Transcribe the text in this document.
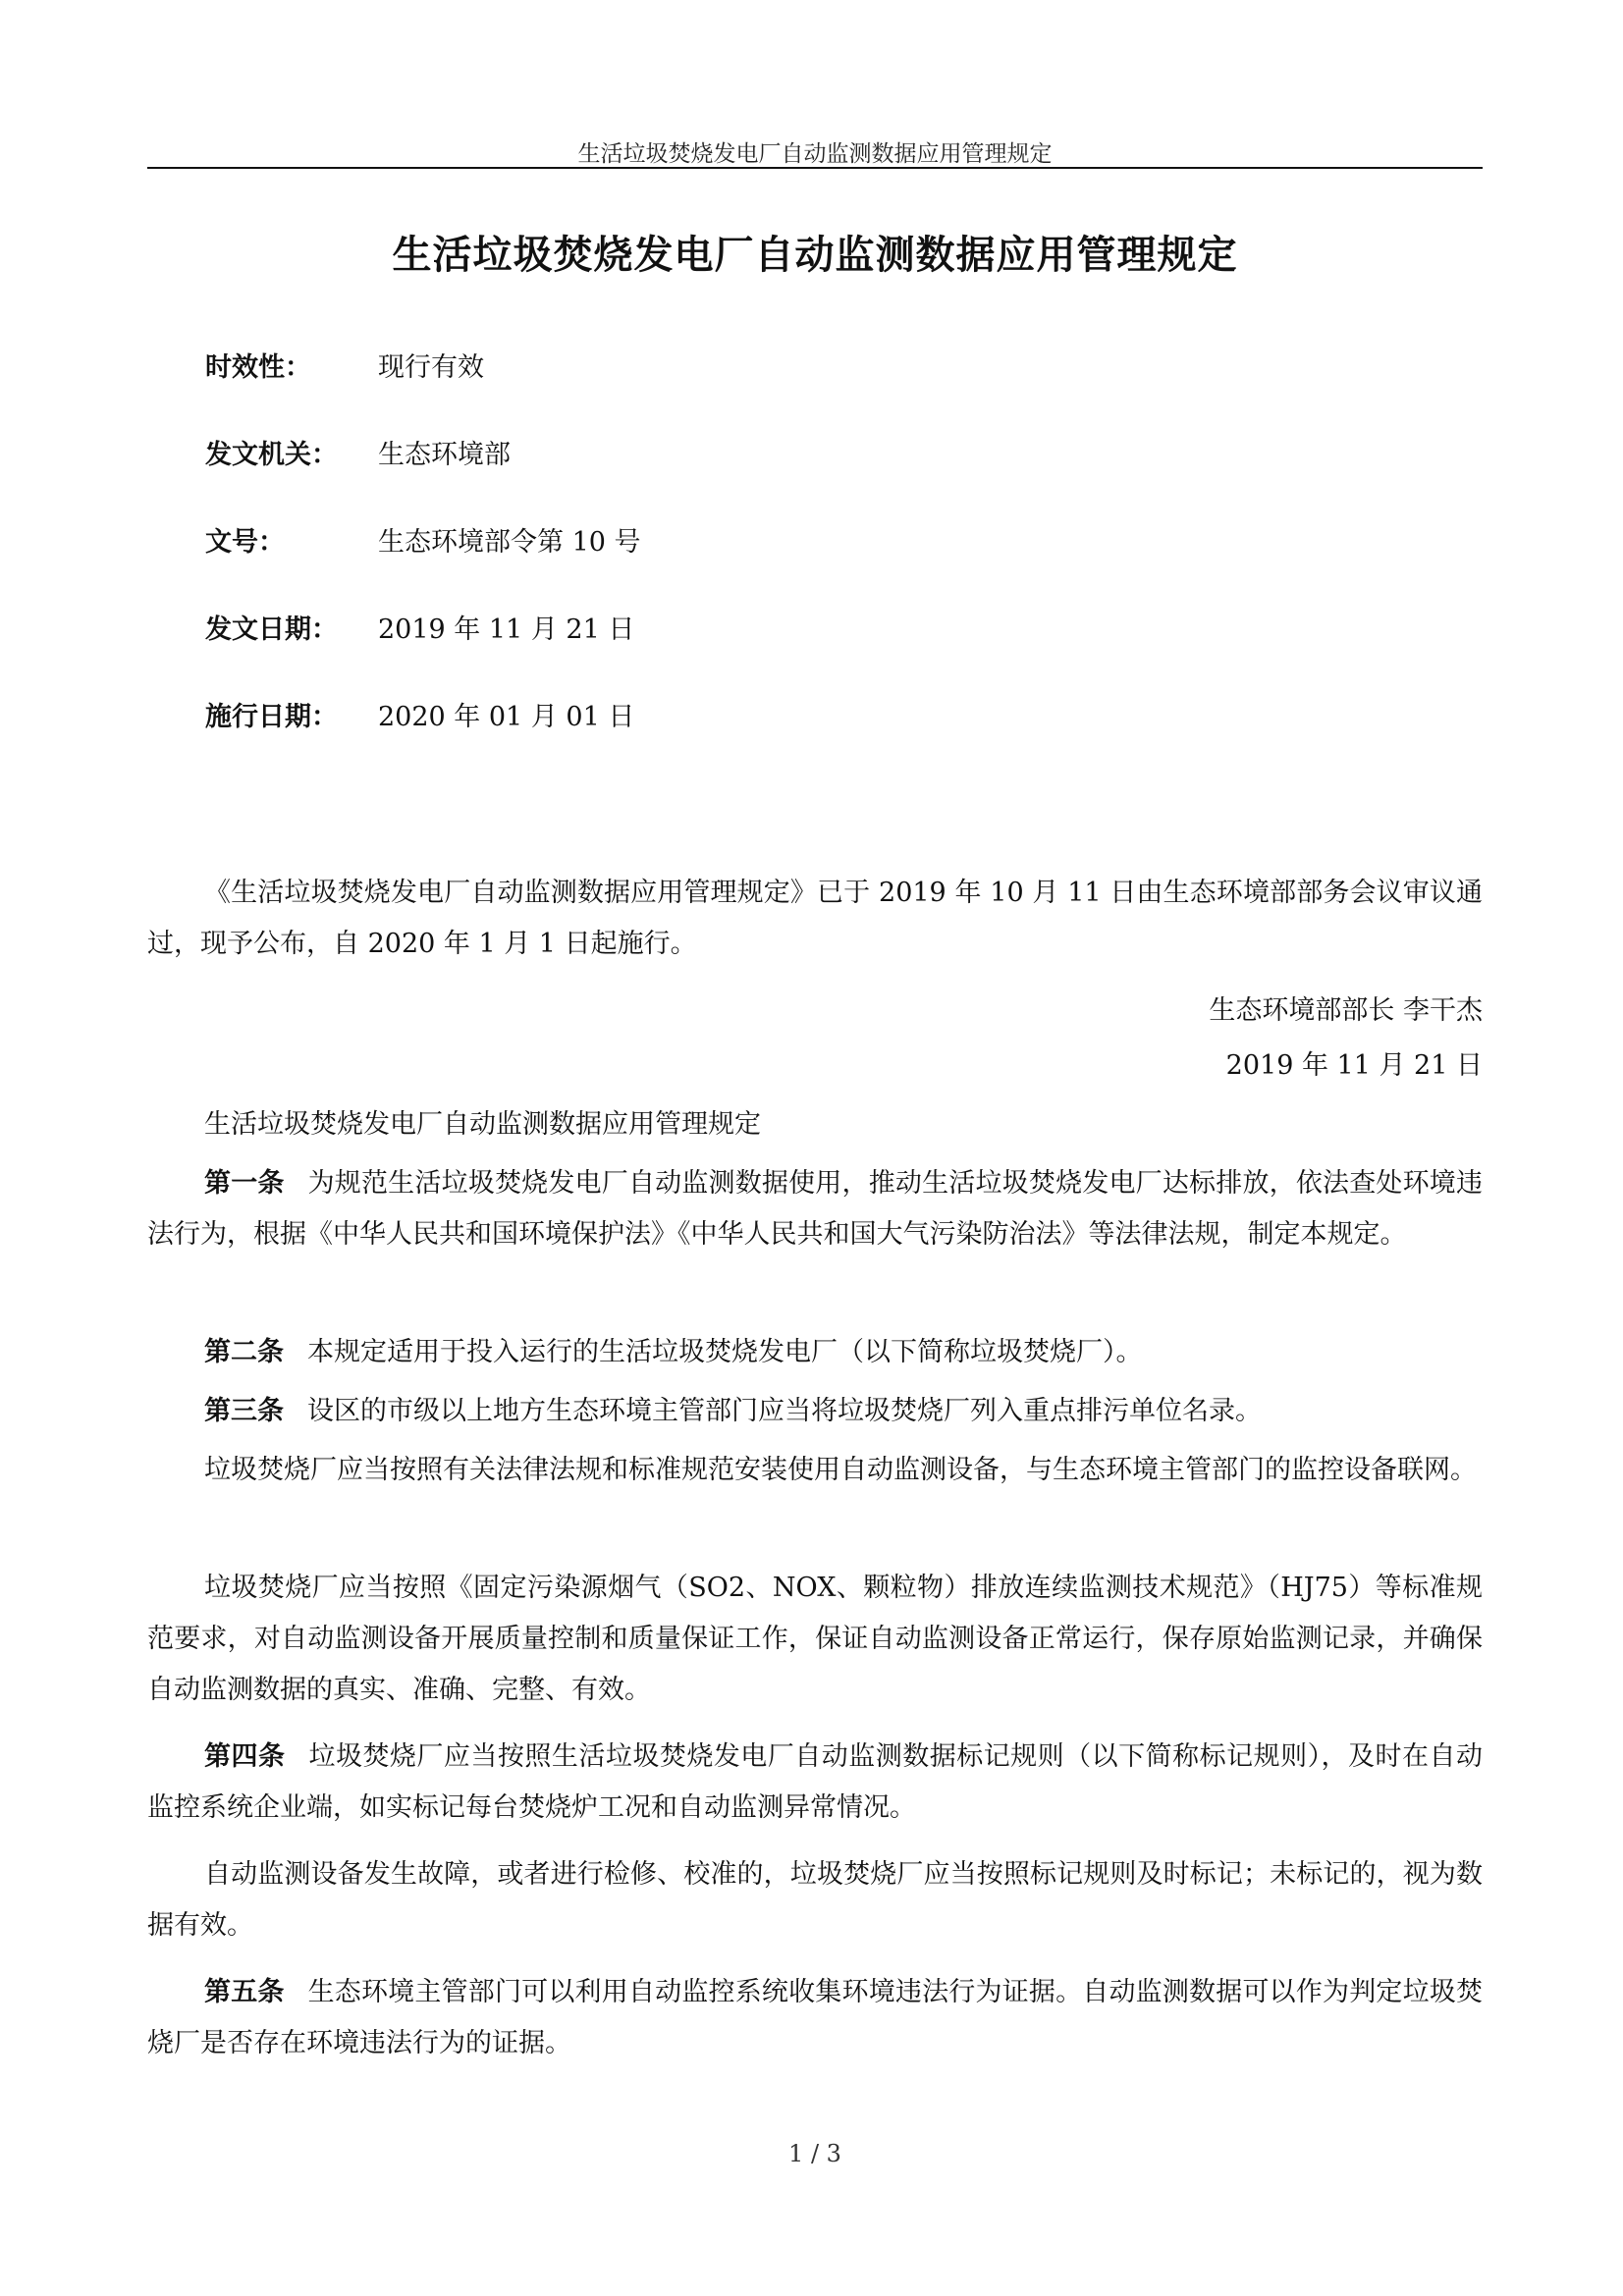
生活垃圾焚烧发电厂自动监测数据应用管理规定
生活垃圾焚烧发电厂自动监测数据应用管理规定
时效性：	现行有效
发文机关：	生态环境部
文号：	生态环境部令第 10 号
发文日期：	2019 年 11 月 21 日
施行日期：	2020 年 01 月 01 日
《生活垃圾焚烧发电厂自动监测数据应用管理规定》已于 2019 年 10 月 11 日由生态环境部部务会议审议通过，现予公布，自 2020 年 1 月 1 日起施行。
生态环境部部长 李干杰
2019 年 11 月 21 日
生活垃圾焚烧发电厂自动监测数据应用管理规定
第一条 为规范生活垃圾焚烧发电厂自动监测数据使用，推动生活垃圾焚烧发电厂达标排放，依法查处环境违法行为，根据《中华人民共和国环境保护法》《中华人民共和国大气污染防治法》等法律法规，制定本规定。
第二条 本规定适用于投入运行的生活垃圾焚烧发电厂（以下简称垃圾焚烧厂）。
第三条 设区的市级以上地方生态环境主管部门应当将垃圾焚烧厂列入重点排污单位名录。
垃圾焚烧厂应当按照有关法律法规和标准规范安装使用自动监测设备，与生态环境主管部门的监控设备联网。
垃圾焚烧厂应当按照《固定污染源烟气（SO2、NOX、颗粒物）排放连续监测技术规范》（HJ75）等标准规范要求，对自动监测设备开展质量控制和质量保证工作，保证自动监测设备正常运行，保存原始监测记录，并确保自动监测数据的真实、准确、完整、有效。
第四条 垃圾焚烧厂应当按照生活垃圾焚烧发电厂自动监测数据标记规则（以下简称标记规则），及时在自动监控系统企业端，如实标记每台焚烧炉工况和自动监测异常情况。
自动监测设备发生故障，或者进行检修、校准的，垃圾焚烧厂应当按照标记规则及时标记；未标记的，视为数据有效。
第五条 生态环境主管部门可以利用自动监控系统收集环境违法行为证据。自动监测数据可以作为判定垃圾焚烧厂是否存在环境违法行为的证据。
1 / 3
